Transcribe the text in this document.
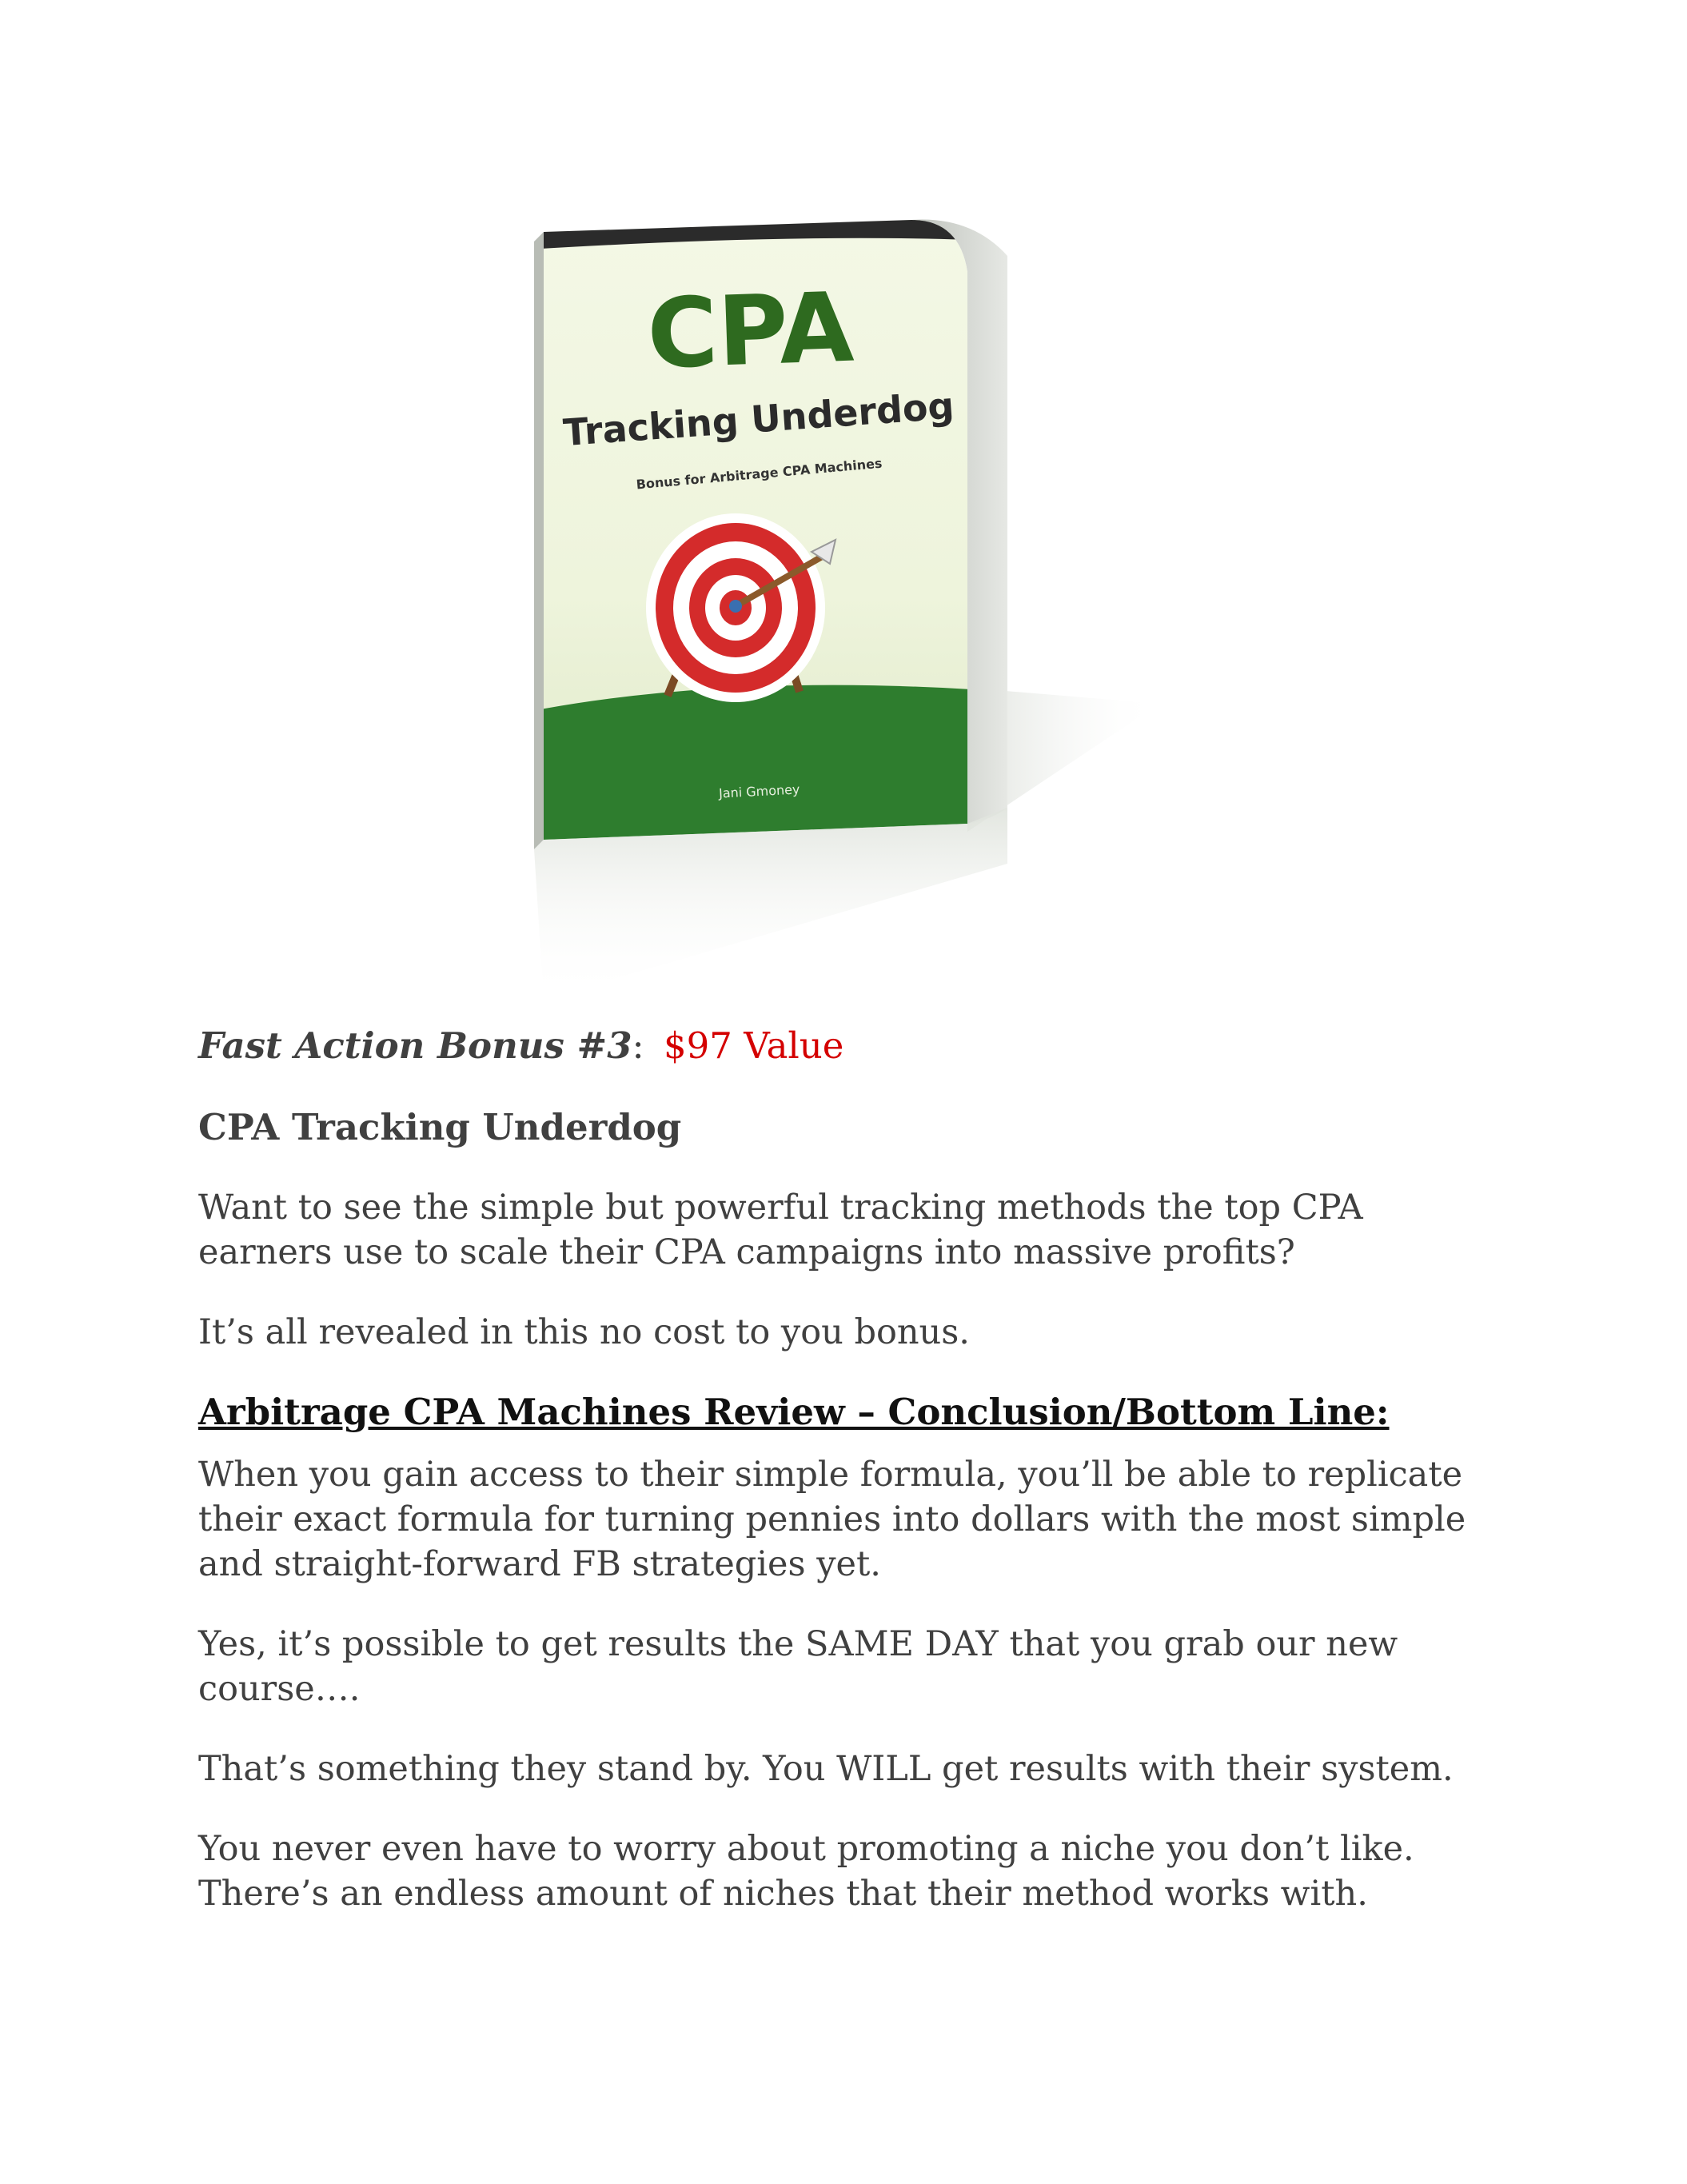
CPA
Tracking Underdog
Bonus for Arbitrage CPA Machines
Jani Gmoney
Fast Action Bonus #3: $97 Value
CPA Tracking Underdog

Want to see the simple but powerful tracking methods the top CPA earners use to scale their CPA campaigns into massive profits?

It’s all revealed in this no cost to you bonus.

Arbitrage CPA Machines Review – Conclusion/Bottom Line:

When you gain access to their simple formula, you’ll be able to replicate their exact formula for turning pennies into dollars with the most simple and straight-forward FB strategies yet.

Yes, it’s possible to get results the SAME DAY that you grab our new course….

That’s something they stand by. You WILL get results with their system.

You never even have to worry about promoting a niche you don’t like. There’s an endless amount of niches that their method works with.
